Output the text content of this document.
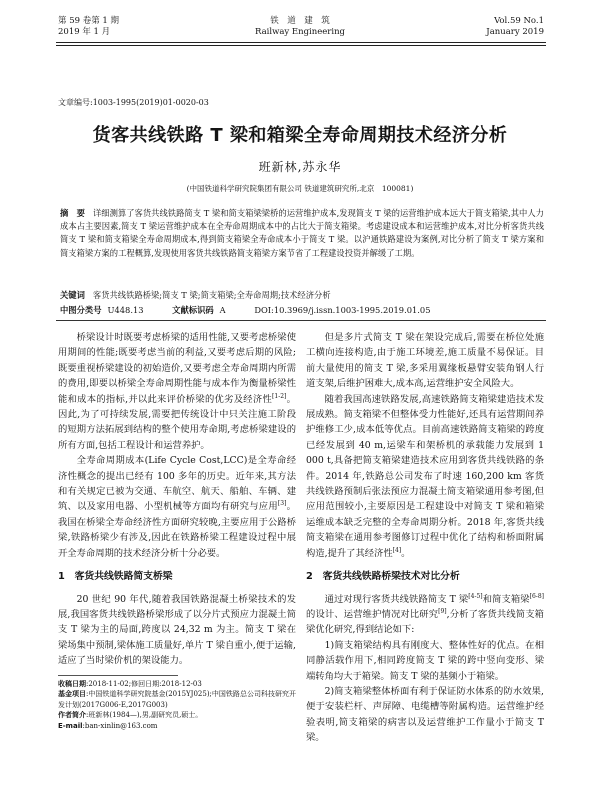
第 59 卷第 1 期
2019 年 1 月
铁　道　建　筑
Railway Engineering
Vol.59 No.1
January 2019
文章编号:1003-1995(2019)01-0020-03
货客共线铁路 T 梁和箱梁全寿命周期技术经济分析
班新林,苏永华
(中国铁道科学研究院集团有限公司 铁道建筑研究所,北京　100081)
摘　要 详细测算了客货共线铁路简支 T 梁和简支箱梁梁桥的运营维护成本,发现简支 T 梁的运营维护成本远大于简支箱梁,其中人力成本占主要因素,简支 T 梁运营维护成本在全寿命周期成本中的占比大于简支箱梁。考虑建设成本和运营维护成本,对比分析客货共线简支 T 梁和简支箱梁全寿命周期成本,得到简支箱梁全寿命成本小于简支 T 梁。以沪通铁路建设为案例,对比分析了简支 T 梁方案和简支箱梁方案的工程概算,发现使用客货共线铁路简支箱梁方案节省了工程建设投资并解缓了工期。
关键词 客货共线铁路桥梁;简支 T 梁;简支箱梁;全寿命周期;技术经济分析
中图分类号 U448.13	文献标识码 A	DOI:10.3969/j.issn.1003-1995.2019.01.05

桥梁设计时既要考虑桥梁的适用性能,又要考虑桥梁使用期间的性能;既要考虑当前的利益,又要考虑后期的风险;既要重视桥梁建设的初始造价,又要考虑全寿命周期内所需的费用,即要以桥梁全寿命周期性能与成本作为衡量桥梁性能和成本的指标,并以此来评价桥梁的优劣及经济性[1-2]。因此,为了可持续发展,需要把传统设计中只关注施工阶段的短期方法拓展到结构的整个使用寿命期,考虑桥梁建设的所有方面,包括工程设计和运营养护。

全寿命周期成本(Life Cycle Cost,LCC)是全寿命经济性概念的提出已经有 100 多年的历史。近年来,其方法和有关规定已被为交通、车航空、航天、船舶、车辆、建筑、以及家用电器、小型机械等方面均有研究与应用[3]。我国在桥梁全寿命经济性方面研究较晚,主要应用于公路桥梁,铁路桥梁少有涉及,因此在铁路桥梁工程建设过程中展开全寿命周期的技术经济分析十分必要。

1　客货共线铁路简支桥梁

20 世纪 90 年代,随着我国铁路混凝土桥梁技术的发展,我国客货共线铁路桥梁形成了以分片式预应力混凝土简支 T 梁为主的局面,跨度以 24,32 m 为主。简支 T 梁在梁场集中预制,梁体施工质量好,单片 T 梁自重小,便于运输,适应了当时梁价机的架设能力。

收稿日期:2018-11-02;修回日期:2018-12-03
基金项目:中国铁道科学研究院基金(2015YJ025);中国铁路总公司科技研究开发计划(2017G006-E,2017G003)
作者简介:班新林(1984—),男,副研究员,硕士。
E-mail:ban-xinlin@163.com

但是多片式简支 T 梁在架设完成后,需要在桥位处施工横向连接构造,由于施工环境差,施工质量不易保证。目前大量使用的简支 T 梁,多采用翼缘板悬臂安装角钢人行道支架,后维护困难大,成本高,运营维护安全风险大。

随着我国高速铁路发展,高速铁路简支箱梁建造技术发展成熟。简支箱梁不但整体受力性能好,还具有运营期间养护维修工少,成本低等优点。目前高速铁路简支箱梁的跨度已经发展到 40 m,运梁车和架桥机的承载能力发展到 1 000 t,具备把简支箱梁建造技术应用到客货共线铁路的条件。2014 年,铁路总公司发布了时速 160,200 km 客货共线铁路预制后张法预应力混凝土简支箱梁通用参考图,但应用范围较小,主要原因是工程建设中对简支 T 梁和箱梁运维成本缺乏完整的全寿命周期分析。2018 年,客货共线简支箱梁在通用参考图修订过程中优化了结构和桥面附属构造,提升了其经济性[4]。

2　客货共线铁路桥梁技术对比分析

通过对现行客货共线铁路简支 T 梁[4-5]和简支箱梁[6-8]的设计、运营维护情况对比研究[9],分析了客货共线简支箱梁优化研究,得到结论如下:

1)简支箱梁结构具有刚度大、整体性好的优点。在相同静活载作用下,相同跨度简支 T 梁的跨中竖向变形、梁端转角均大于箱梁。简支 T 梁的基频小于箱梁。

2)简支箱梁整体桥面有利于保证防水体系的防水效果,便于安装栏杆、声屏障、电缆槽等附属构造。运营维护经验表明,简支箱梁的病害以及运营维护工作量小于简支 T 梁。
